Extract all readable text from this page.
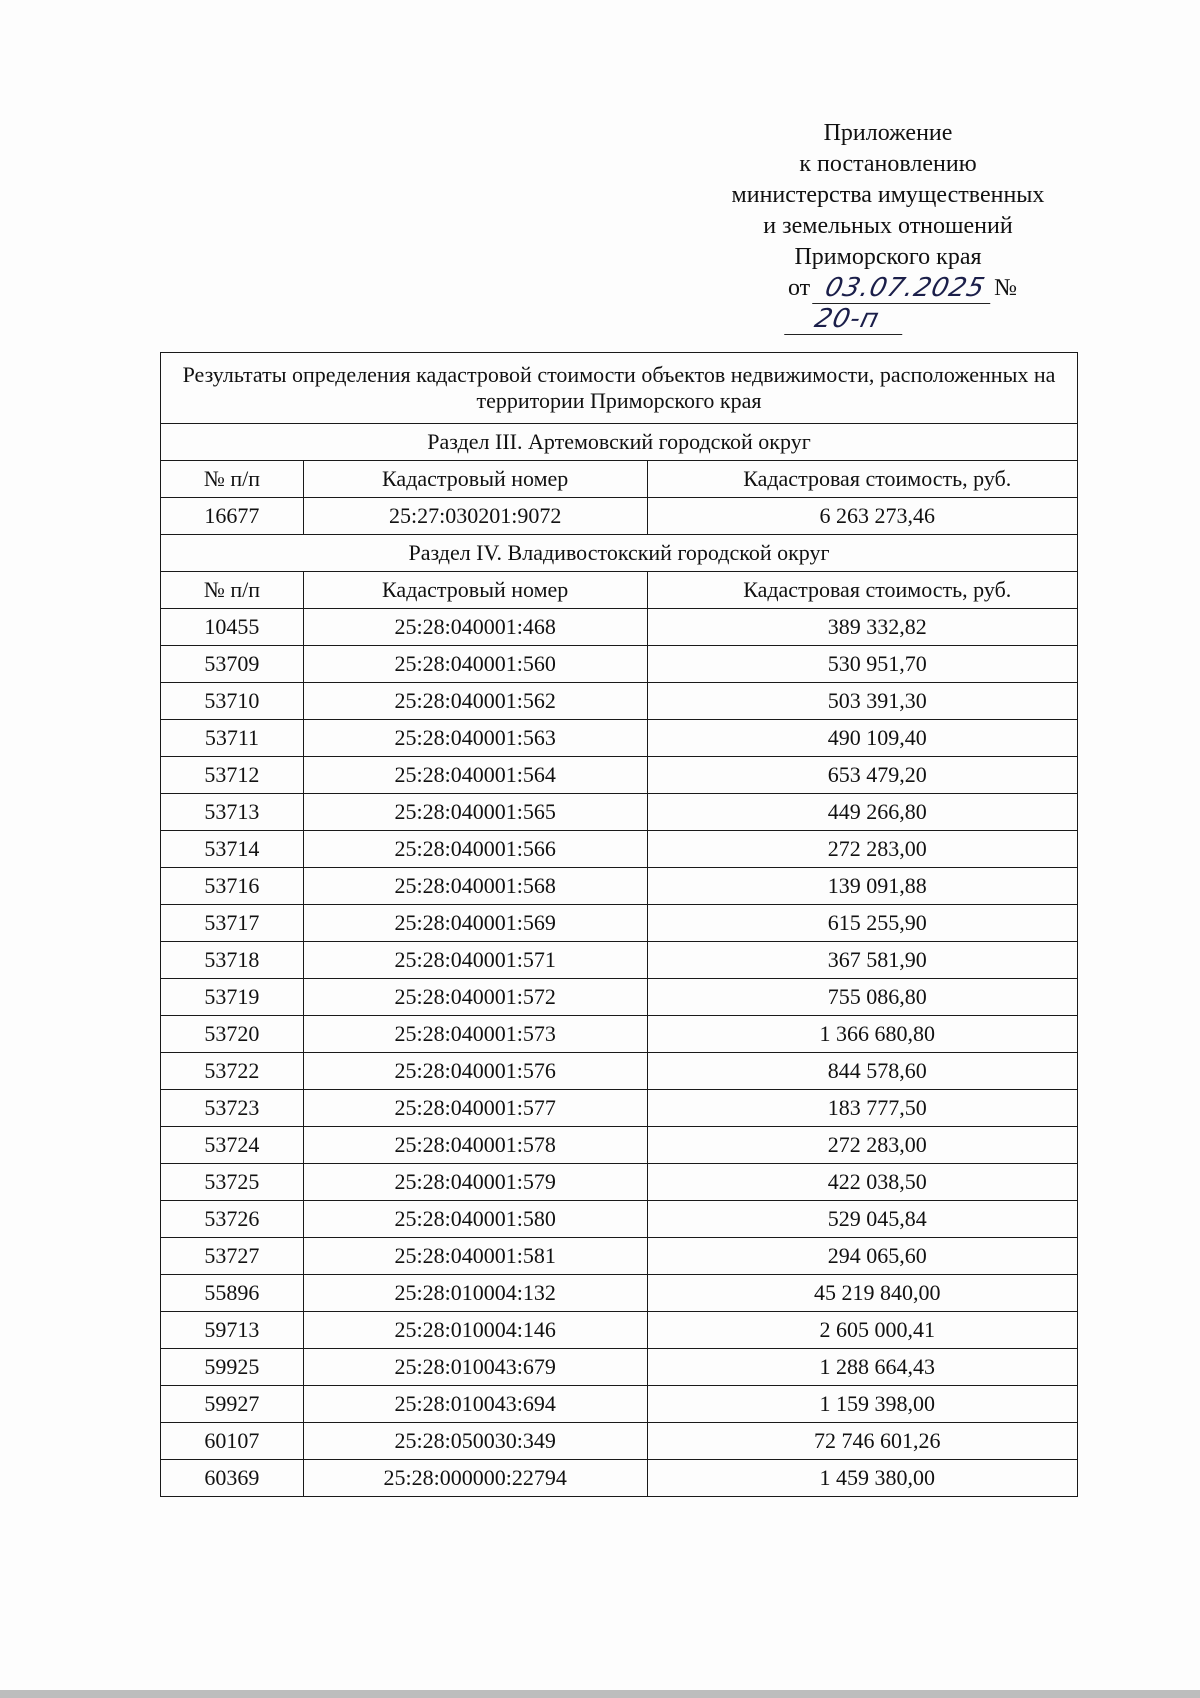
Приложение
к постановлению
министерства имущественных
и земельных отношений
Приморского края
от 03.07.2025 № 20-п
Результаты определения кадастровой стоимости объектов недвижимости, расположенных на территории Приморского края		
Раздел III. Артемовский городской округ		
№ п/п	Кадастровый номер	Кадастровая стоимость, руб.
16677	25:27:030201:9072	6 263 273,46
Раздел IV. Владивостокский городской округ		
№ п/п	Кадастровый номер	Кадастровая стоимость, руб.
10455	25:28:040001:468	389 332,82
53709	25:28:040001:560	530 951,70
53710	25:28:040001:562	503 391,30
53711	25:28:040001:563	490 109,40
53712	25:28:040001:564	653 479,20
53713	25:28:040001:565	449 266,80
53714	25:28:040001:566	272 283,00
53716	25:28:040001:568	139 091,88
53717	25:28:040001:569	615 255,90
53718	25:28:040001:571	367 581,90
53719	25:28:040001:572	755 086,80
53720	25:28:040001:573	1 366 680,80
53722	25:28:040001:576	844 578,60
53723	25:28:040001:577	183 777,50
53724	25:28:040001:578	272 283,00
53725	25:28:040001:579	422 038,50
53726	25:28:040001:580	529 045,84
53727	25:28:040001:581	294 065,60
55896	25:28:010004:132	45 219 840,00
59713	25:28:010004:146	2 605 000,41
59925	25:28:010043:679	1 288 664,43
59927	25:28:010043:694	1 159 398,00
60107	25:28:050030:349	72 746 601,26
60369	25:28:000000:22794	1 459 380,00
